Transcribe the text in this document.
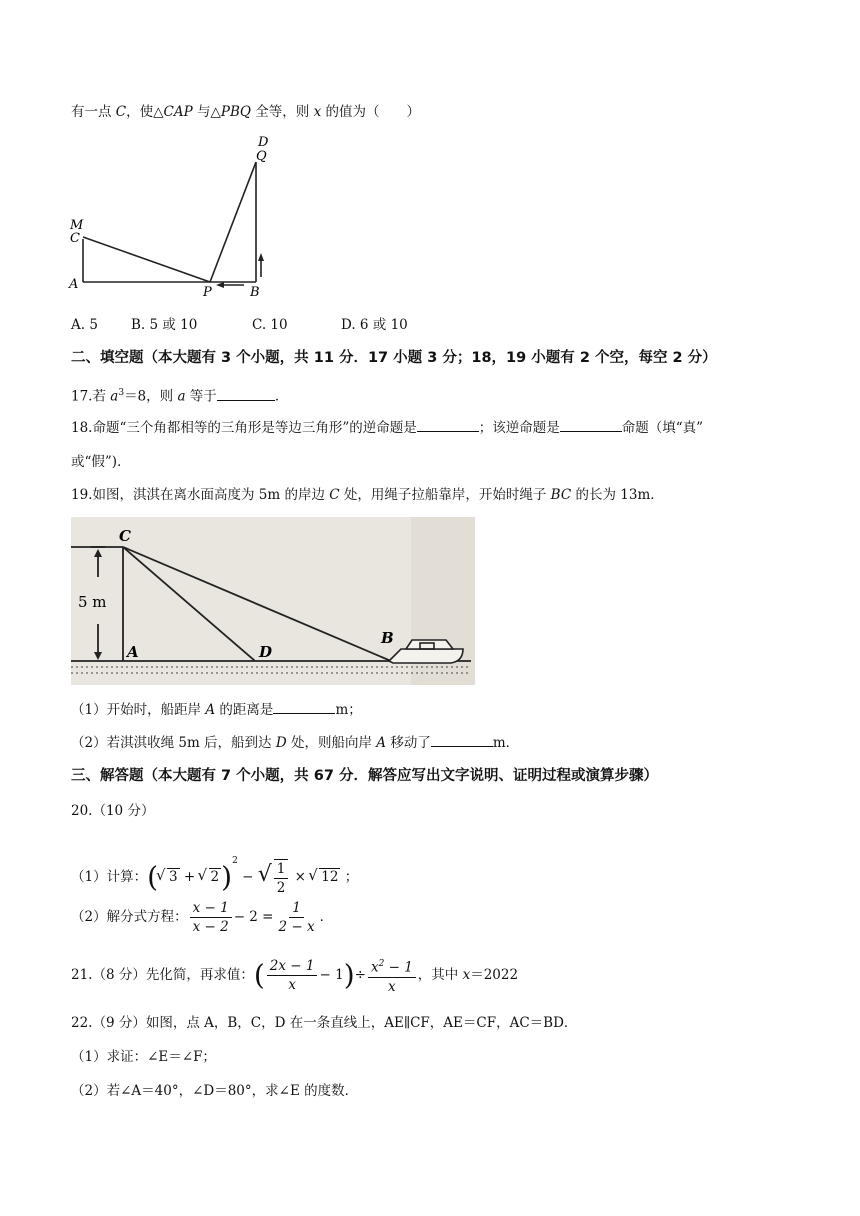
有一点 C，使△CAP 与△PBQ 全等，则 x 的值为（　　）
D
Q
M
C
A
P	B
A. 5 B. 5 或 10	C. 10	D. 6 或 10
二、填空题（本大题有 3 个小题，共 11 分．17 小题 3 分；18，19 小题有 2 个空，每空 2 分）
17.若 $a^3=8$，则 a 等于	．
18.命题“三个角都相等的三角形是等边三角形”的逆命题是	；该逆命题是	命题（填“真”
或“假”)．
19.如图，淇淇在离水面高度为 5m 的岸边 C 处，用绳子拉船靠岸，开始时绳子 BC 的长为 13m．
C
5 m
A	D
B
（1）开始时，船距岸 A 的距离是	m；
（2）若淇淇收绳 5m 后，船到达 D 处，则船向岸 A 移动了	m．
三、解答题（本大题有 7 个小题，共 67 分．解答应写出文字说明、证明过程或演算步骤）
20.（10 分）
（1）计算：(√ 3 + √ 2)$^2$ − √ $\frac{1}{2}$ × √ 12 ；
（2）解分式方程： $\frac{x - 1}{x - 2} - 2 = \frac{1}{2 - x}$ ．
21.（8 分）先化简，再求值：( $\frac{2x - 1}{x} - 1)\div \frac{x^2 - 1}{x}$ ，其中 x＝2022
22.（9 分）如图，点 A，B，C，D 在一条直线上，AE∥CF，AE＝CF，AC＝BD．
（1）求证：∠E＝∠F；
（2）若∠A＝40°，∠D＝80°，求∠E 的度数．
